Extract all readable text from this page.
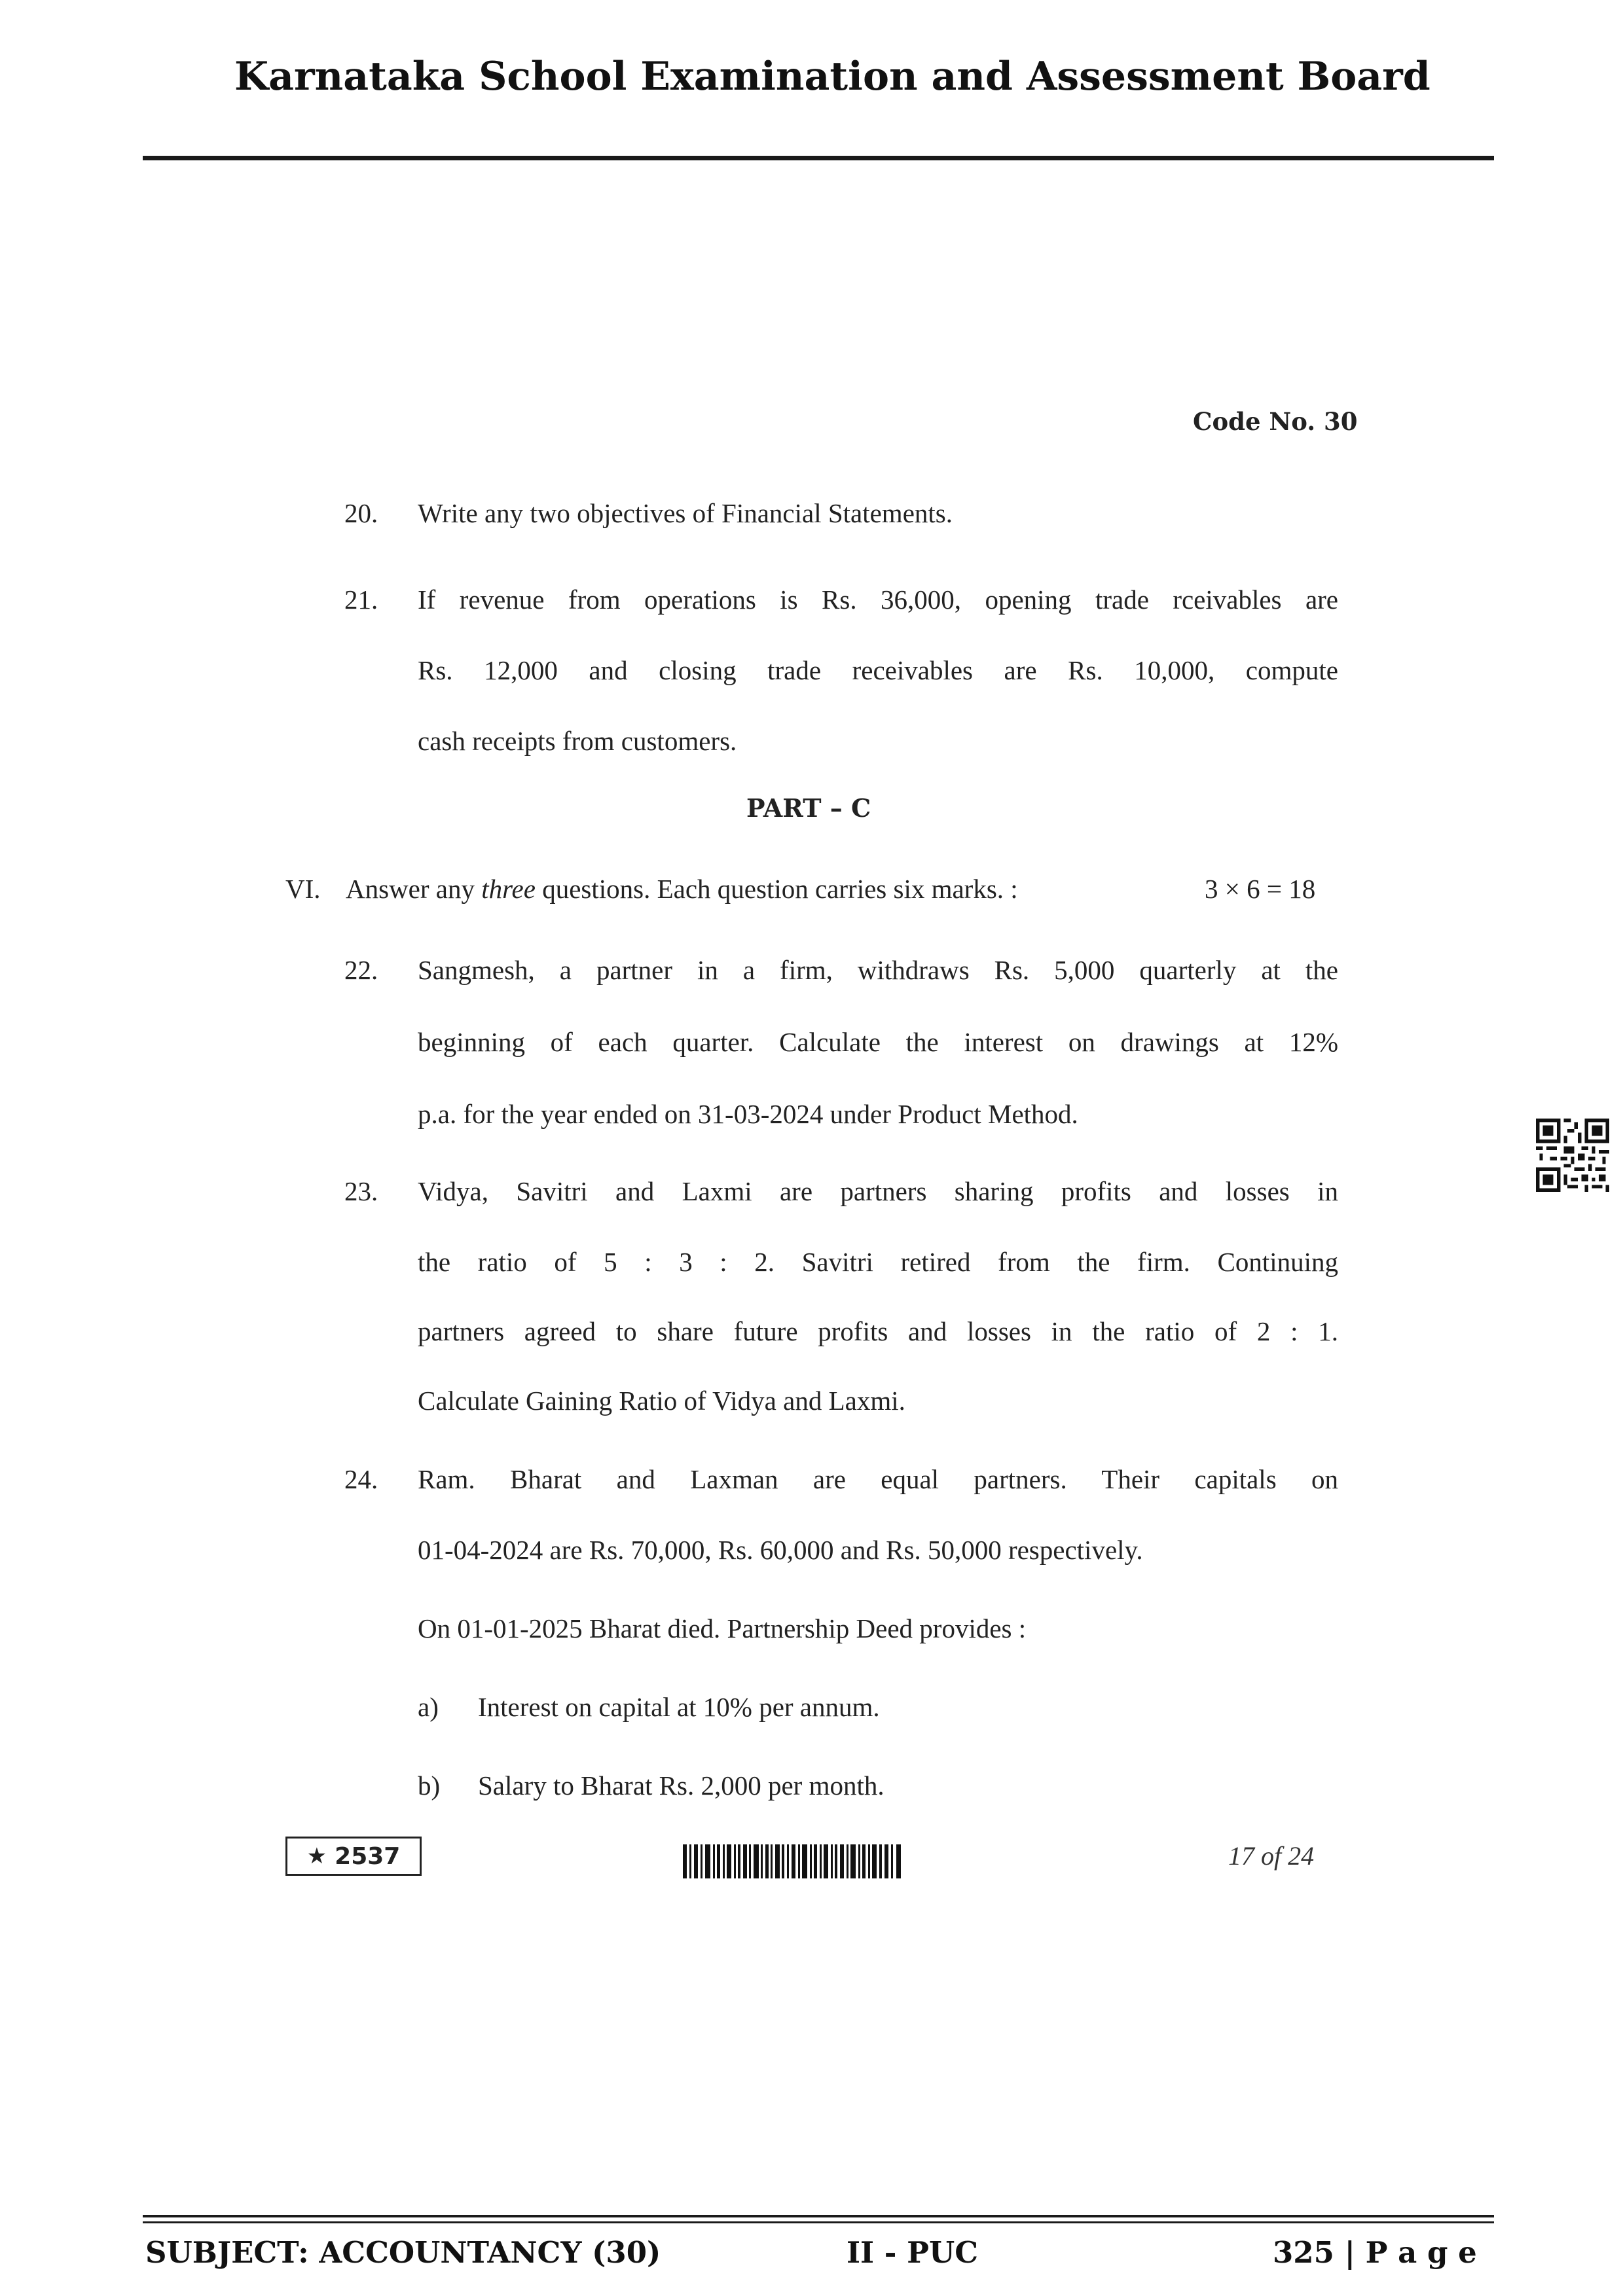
Karnataka School Examination and Assessment Board
Code No. 30
20. Write any two objectives of Financial Statements.
21. If revenue from operations is Rs. 36,000, opening trade rceivables are
Rs. 12,000 and closing trade receivables are Rs. 10,000, compute
cash receipts from customers.
PART – C
VI. Answer any three questions. Each question carries six marks. :	3 × 6 = 18
22. Sangmesh, a partner in a firm, withdraws Rs. 5,000 quarterly at the
beginning of each quarter. Calculate the interest on drawings at 12%
p.a. for the year ended on 31-03-2024 under Product Method.
23. Vidya, Savitri and Laxmi are partners sharing profits and losses in
the ratio of 5 : 3 : 2. Savitri retired from the firm. Continuing
partners agreed to share future profits and losses in the ratio of 2 : 1.
Calculate Gaining Ratio of Vidya and Laxmi.
24. Ram. Bharat and Laxman are equal partners. Their capitals on
01-04-2024 are Rs. 70,000, Rs. 60,000 and Rs. 50,000 respectively.
On 01-01-2025 Bharat died. Partnership Deed provides :
a) Interest on capital at 10% per annum.
b) Salary to Bharat Rs. 2,000 per month.
★ 2537	17 of 24
SUBJECT: ACCOUNTANCY (30)	II - PUC	325 | P a g e
